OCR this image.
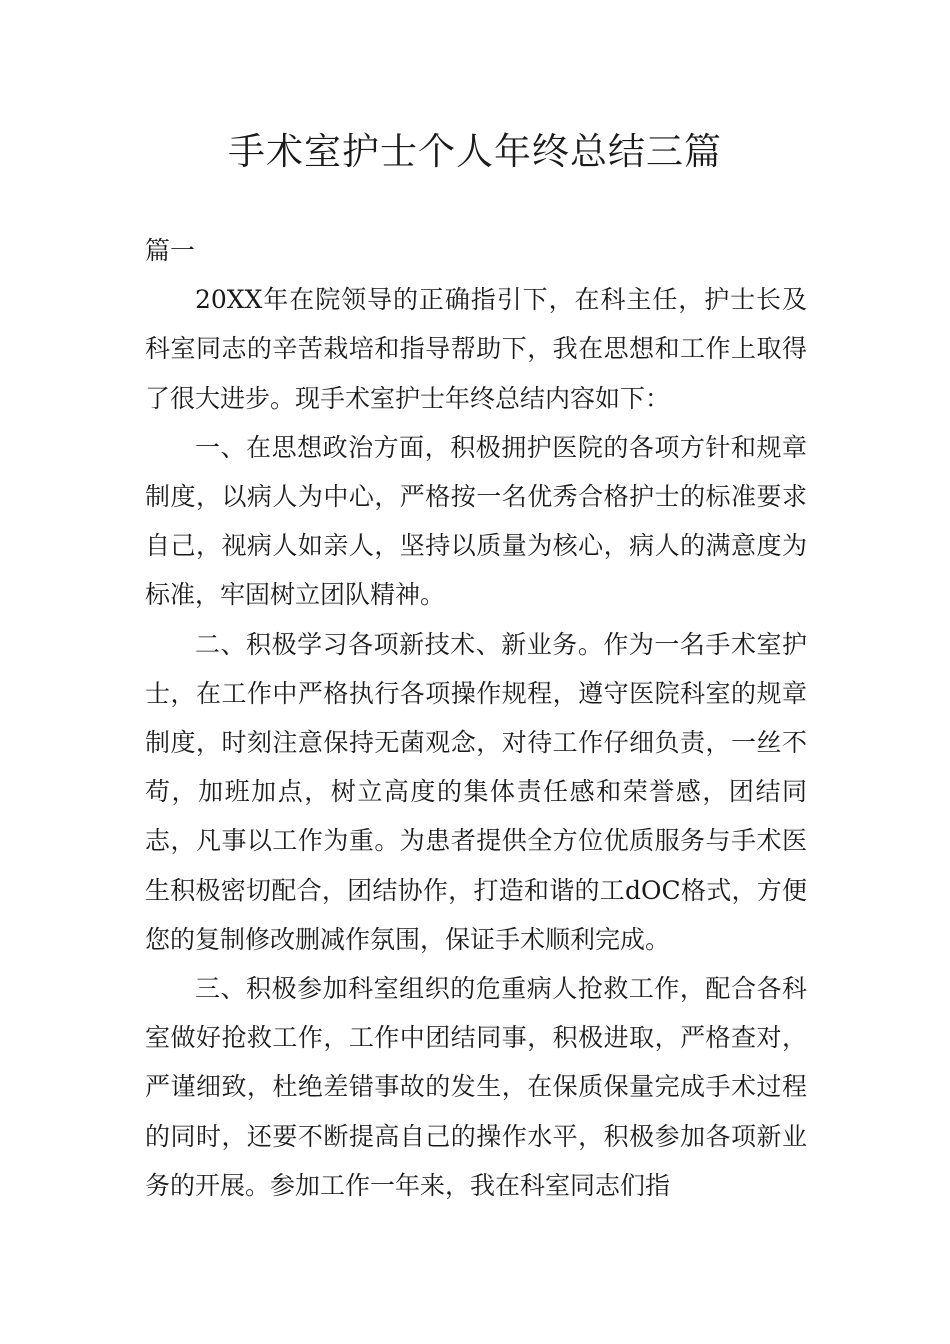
手术室护士个人年终总结三篇

篇一

20XX年在院领导的正确指引下，在科主任，护士长及科室同志的辛苦栽培和指导帮助下，我在思想和工作上取得了很大进步。现手术室护士年终总结内容如下：

一、在思想政治方面，积极拥护医院的各项方针和规章制度，以病人为中心，严格按一名优秀合格护士的标准要求自己，视病人如亲人，坚持以质量为核心，病人的满意度为标准，牢固树立团队精神。

二、积极学习各项新技术、新业务。作为一名手术室护士，在工作中严格执行各项操作规程，遵守医院科室的规章制度，时刻注意保持无菌观念，对待工作仔细负责，一丝不苟，加班加点，树立高度的集体责任感和荣誉感，团结同志，凡事以工作为重。为患者提供全方位优质服务与手术医生积极密切配合，团结协作，打造和谐的工dOC格式，方便您的复制修改删减作氛围，保证手术顺利完成。

三、积极参加科室组织的危重病人抢救工作，配合各科室做好抢救工作，工作中团结同事，积极进取，严格查对，严谨细致，杜绝差错事故的发生，在保质保量完成手术过程的同时，还要不断提高自己的操作水平，积极参加各项新业务的开展。参加工作一年来，我在科室同志们指
